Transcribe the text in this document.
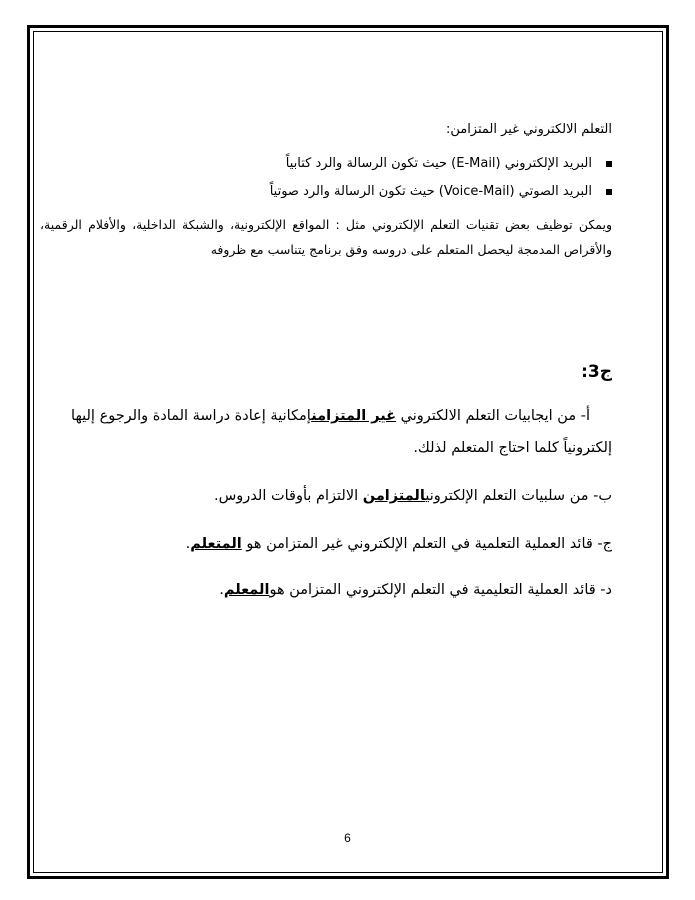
التعلم الالكتروني غير المتزامن:
البريد الإلكتروني (E-Mail) حيث تكون الرسالة والرد كتابياً
البريد الصوتي (Voice-Mail) حيث تكون الرسالة والرد صوتياً
ويمكن توظيف بعض تقنيات التعلم الإلكتروني مثل : المواقع الإلكترونية، والشبكة الداخلية، والأفلام الرقمية، والأقراص المدمجة ليحصل المتعلم على دروسه وفق برنامج يتناسب مع ظروفه
ج3:
أ- من ايجابيات التعلم الالكتروني غير المتزامنإمكانية إعادة دراسة المادة والرجوع إليها إلكترونياً كلما احتاج المتعلم لذلك.
ب- من سلبيات التعلم الإلكترونيالمتزامن الالتزام بأوقات الدروس.
ج- قائد العملية التعلمية في التعلم الإلكتروني غير المتزامن هو المتعلم.
د- قائد العملية التعليمية في التعلم الإلكتروني المتزامن هوالمعلم.
6
